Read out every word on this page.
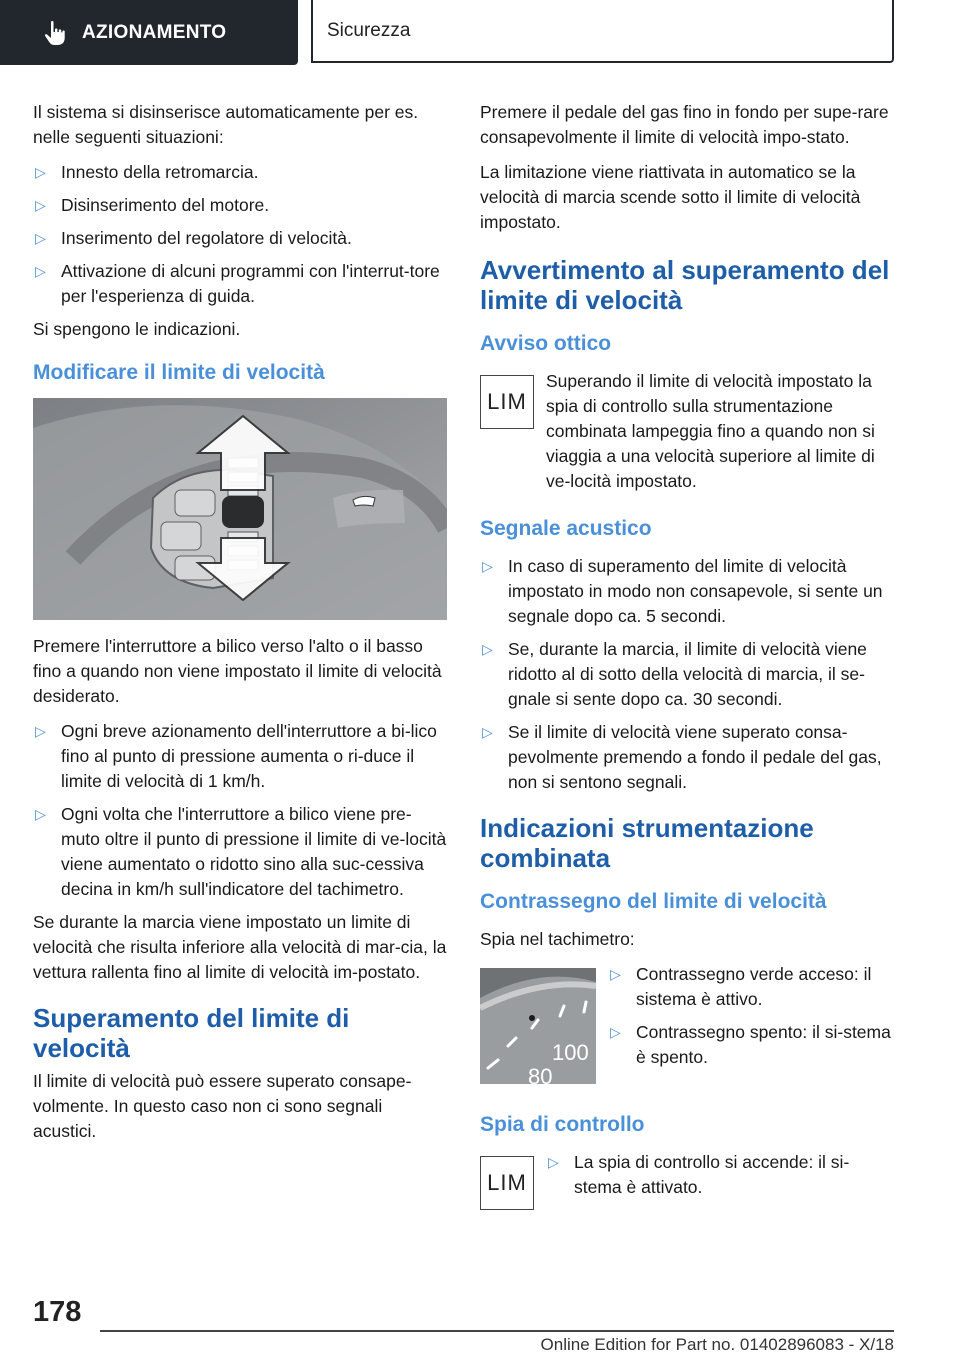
AZIONAMENTO	Sicurezza

Il sistema si disinserisce automaticamente per es. nelle seguenti situazioni:

▷ Innesto della retromarcia.
▷ Disinserimento del motore.
▷ Inserimento del regolatore di velocità.
▷ Attivazione di alcuni programmi con l'interrut-tore per l'esperienza di guida.

Si spengono le indicazioni.

Modificare il limite di velocità

Premere l'interruttore a bilico verso l'alto o il basso fino a quando non viene impostato il limite di velocità desiderato.

▷ Ogni breve azionamento dell'interruttore a bi-lico fino al punto di pressione aumenta o ri-duce il limite di velocità di 1 km/h.
▷ Ogni volta che l'interruttore a bilico viene pre-muto oltre il punto di pressione il limite di ve-locità viene aumentato o ridotto sino alla suc-cessiva decina in km/h sull'indicatore del tachimetro.

Se durante la marcia viene impostato un limite di velocità che risulta inferiore alla velocità di mar-cia, la vettura rallenta fino al limite di velocità im-postato.

Superamento del limite di velocità

Il limite di velocità può essere superato consape-volmente. In questo caso non ci sono segnali acustici.

Premere il pedale del gas fino in fondo per supe-rare consapevolmente il limite di velocità impo-stato.

La limitazione viene riattivata in automatico se la velocità di marcia scende sotto il limite di velocità impostato.

Avvertimento al superamento del limite di velocità
Avviso ottico
LIM

Superando il limite di velocità impostato la spia di controllo sulla strumentazione combinata lampeggia fino a quando non si viaggia a una velocità superiore al limite di ve-locità impostato.

Segnale acustico
▷ In caso di superamento del limite di velocità impostato in modo non consapevole, si sente un segnale dopo ca. 5 secondi.
▷ Se, durante la marcia, il limite di velocità viene ridotto al di sotto della velocità di marcia, il se-gnale si sente dopo ca. 30 secondi.
▷ Se il limite di velocità viene superato consa-pevolmente premendo a fondo il pedale del gas, non si sentono segnali.
Indicazioni strumentazione combinata
Contrassegno del limite di velocità

Spia nel tachimetro:

100
80
▷ Contrassegno verde acceso: il sistema è attivo.
▷ Contrassegno spento: il si-stema è spento.
Spia di controllo
LIM
▷ La spia di controllo si accende: il si-stema è attivato.
178
Online Edition for Part no. 01402896083 - X/18
